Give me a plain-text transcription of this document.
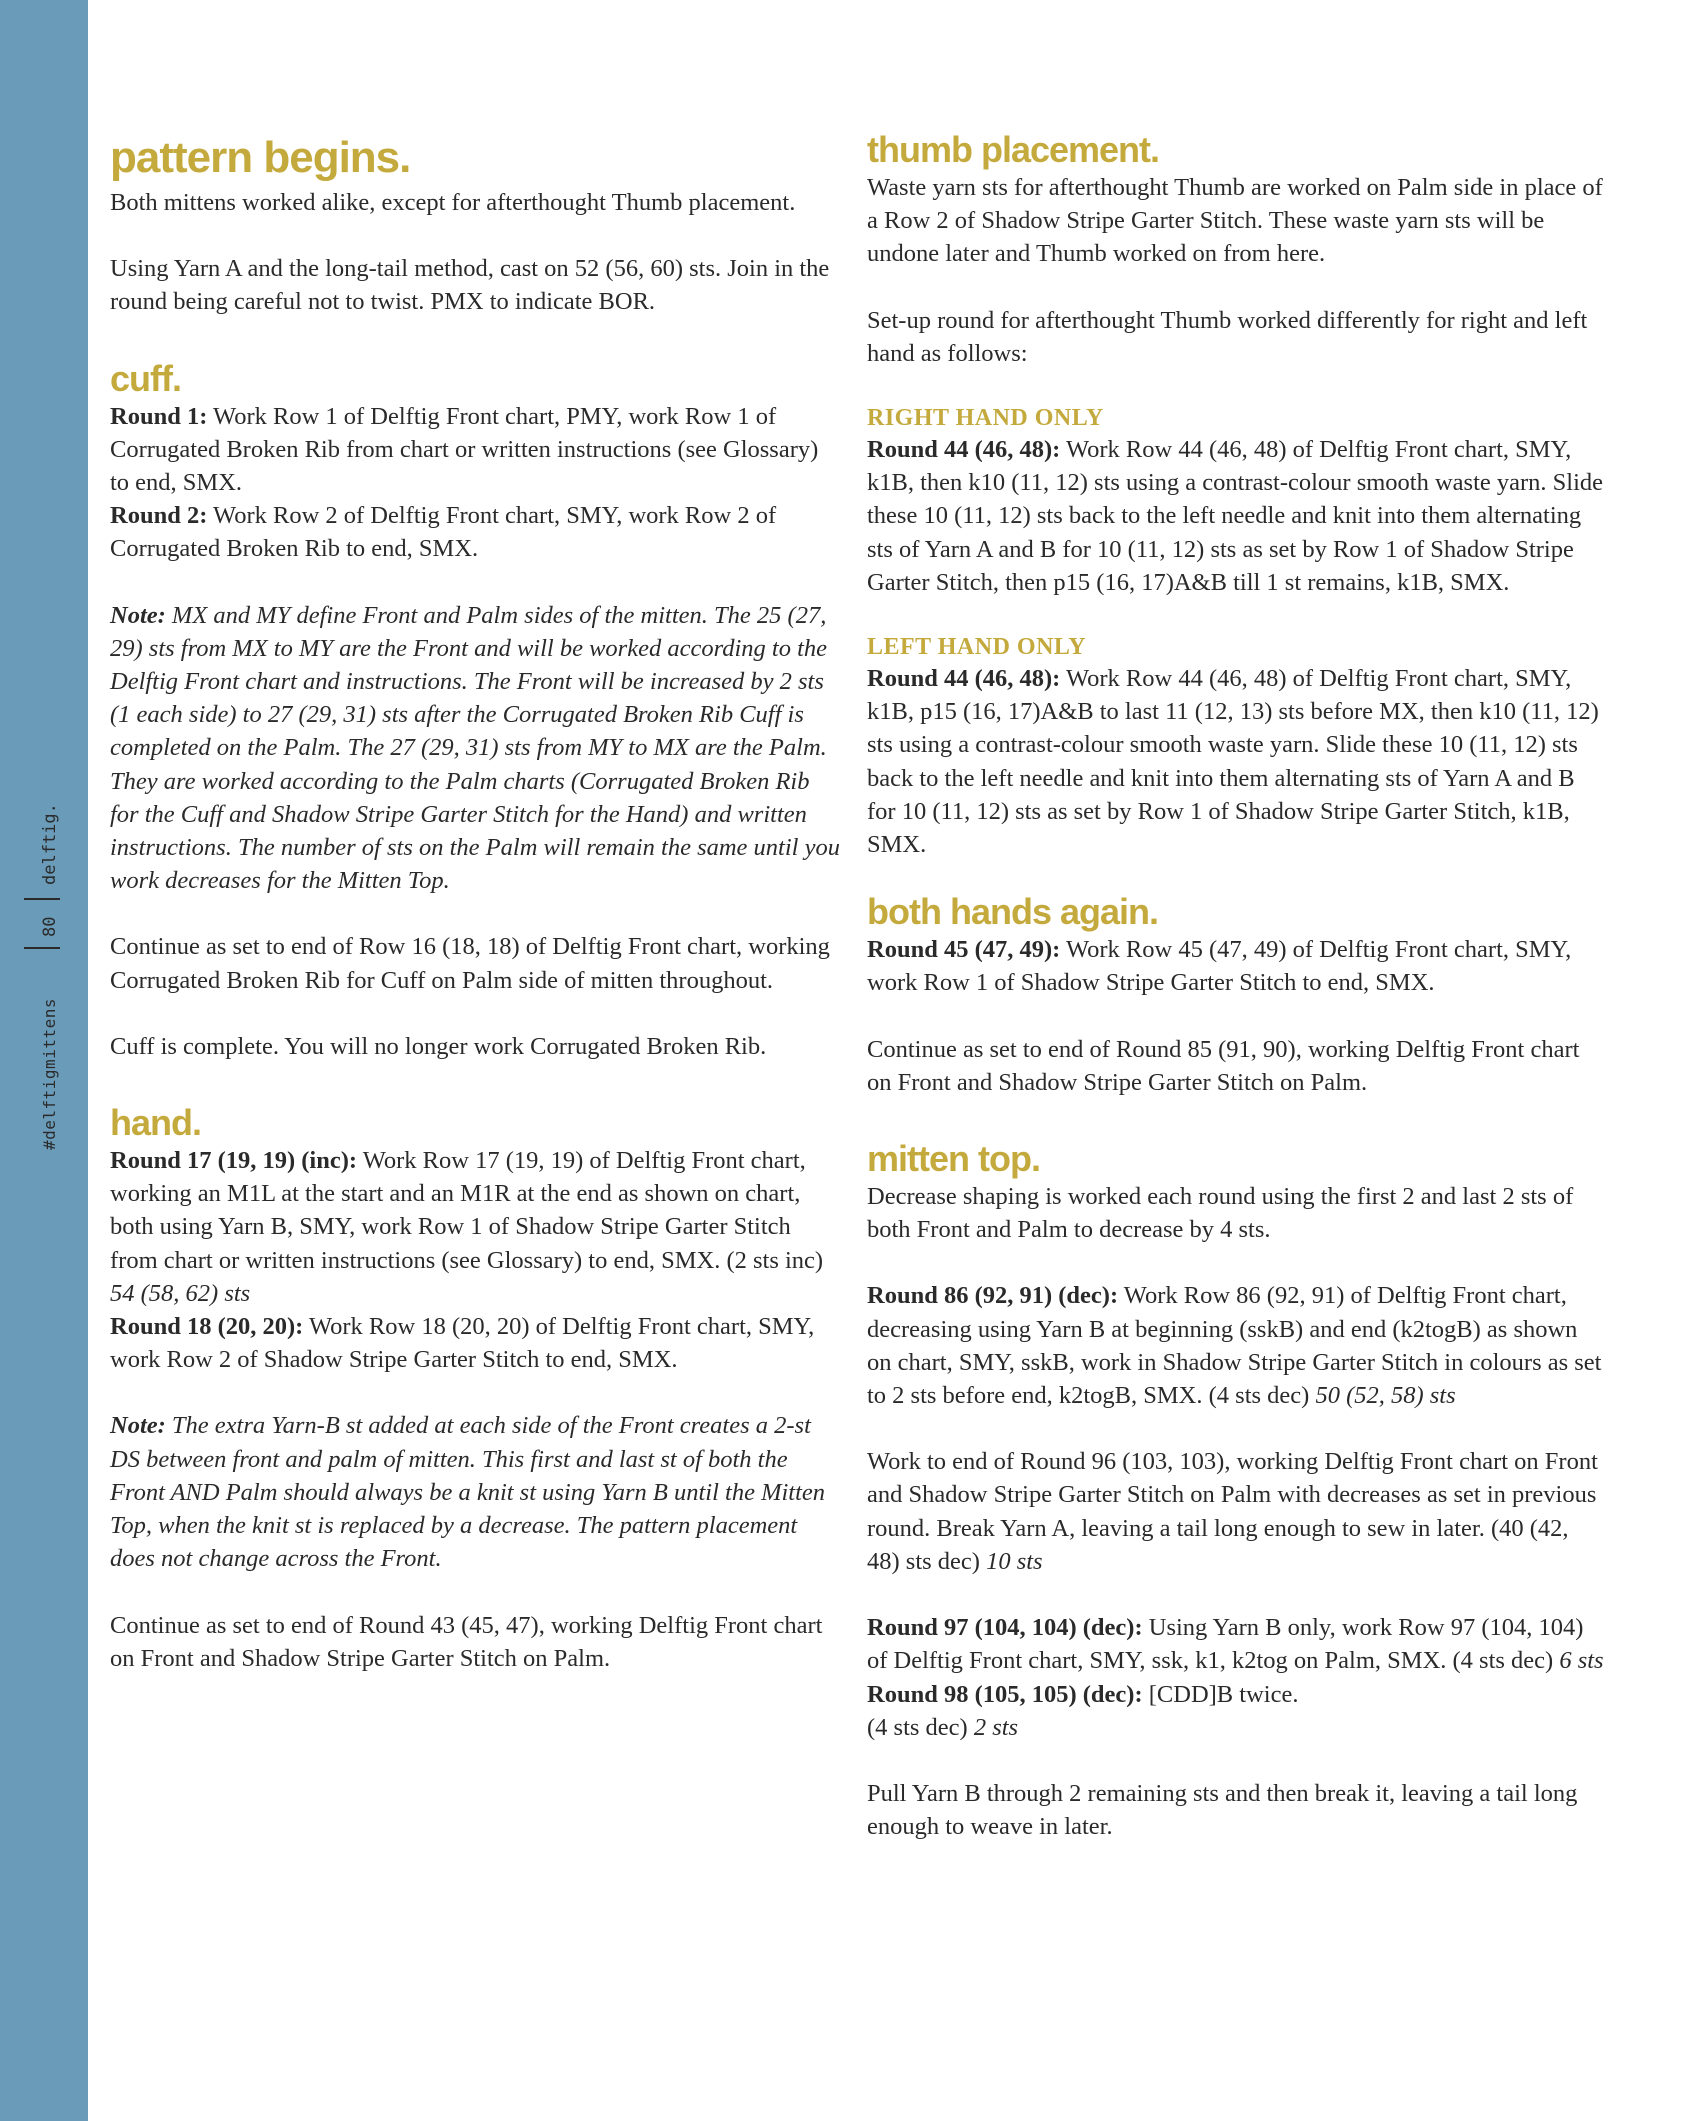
#delftigmittens
80
delftig.
pattern begins.

Both mittens worked alike, except for afterthought Thumb placement.

Using Yarn A and the long-tail method, cast on 52 (56, 60) sts. Join in the round being careful not to twist. PMX to indicate BOR.

cuff.

Round 1: Work Row 1 of Delftig Front chart, PMY, work Row 1 of Corrugated Broken Rib from chart or written instructions (see Glossary) to end, SMX.

Round 2: Work Row 2 of Delftig Front chart, SMY, work Row 2 of Corrugated Broken Rib to end, SMX.

Note: MX and MY define Front and Palm sides of the mitten. The 25 (27, 29) sts from MX to MY are the Front and will be worked according to the Delftig Front chart and instructions. The Front will be increased by 2 sts (1 each side) to 27 (29, 31) sts after the Corrugated Broken Rib Cuff is completed on the Palm. The 27 (29, 31) sts from MY to MX are the Palm. They are worked according to the Palm charts (Corrugated Broken Rib for the Cuff and Shadow Stripe Garter Stitch for the Hand) and written instructions. The number of sts on the Palm will remain the same until you work decreases for the Mitten Top.

Continue as set to end of Row 16 (18, 18) of Delftig Front chart, working Corrugated Broken Rib for Cuff on Palm side of mitten throughout.

Cuff is complete. You will no longer work Corrugated Broken Rib.

hand.

Round 17 (19, 19) (inc): Work Row 17 (19, 19) of Delftig Front chart, working an M1L at the start and an M1R at the end as shown on chart, both using Yarn B, SMY, work Row 1 of Shadow Stripe Garter Stitch from chart or written instructions (see Glossary) to end, SMX. (2 sts inc) 54 (58, 62) sts

Round 18 (20, 20): Work Row 18 (20, 20) of Delftig Front chart, SMY, work Row 2 of Shadow Stripe Garter Stitch to end, SMX.

Note: The extra Yarn-B st added at each side of the Front creates a 2-st DS between front and palm of mitten. This first and last st of both the Front AND Palm should always be a knit st using Yarn B until the Mitten Top, when the knit st is replaced by a decrease. The pattern placement does not change across the Front.

Continue as set to end of Round 43 (45, 47), working Delftig Front chart on Front and Shadow Stripe Garter Stitch on Palm.

thumb placement.

Waste yarn sts for afterthought Thumb are worked on Palm side in place of a Row 2 of Shadow Stripe Garter Stitch. These waste yarn sts will be undone later and Thumb worked on from here.

Set-up round for afterthought Thumb worked differently for right and left hand as follows:

RIGHT HAND ONLY

Round 44 (46, 48): Work Row 44 (46, 48) of Delftig Front chart, SMY, k1B, then k10 (11, 12) sts using a contrast-colour smooth waste yarn. Slide these 10 (11, 12) sts back to the left needle and knit into them alternating sts of Yarn A and B for 10 (11, 12) sts as set by Row 1 of Shadow Stripe Garter Stitch, then p15 (16, 17)A&B till 1 st remains, k1B, SMX.

LEFT HAND ONLY

Round 44 (46, 48): Work Row 44 (46, 48) of Delftig Front chart, SMY, k1B, p15 (16, 17)A&B to last 11 (12, 13) sts before MX, then k10 (11, 12) sts using a contrast-colour smooth waste yarn. Slide these 10 (11, 12) sts back to the left needle and knit into them alternating sts of Yarn A and B for 10 (11, 12) sts as set by Row 1 of Shadow Stripe Garter Stitch, k1B, SMX.

both hands again.

Round 45 (47, 49): Work Row 45 (47, 49) of Delftig Front chart, SMY, work Row 1 of Shadow Stripe Garter Stitch to end, SMX.

Continue as set to end of Round 85 (91, 90), working Delftig Front chart on Front and Shadow Stripe Garter Stitch on Palm.

mitten top.

Decrease shaping is worked each round using the first 2 and last 2 sts of both Front and Palm to decrease by 4 sts.

Round 86 (92, 91) (dec): Work Row 86 (92, 91) of Delftig Front chart, decreasing using Yarn B at beginning (sskB) and end (k2togB) as shown on chart, SMY, sskB, work in Shadow Stripe Garter Stitch in colours as set to 2 sts before end, k2togB, SMX. (4 sts dec) 50 (52, 58) sts

Work to end of Round 96 (103, 103), working Delftig Front chart on Front and Shadow Stripe Garter Stitch on Palm with decreases as set in previous round. Break Yarn A, leaving a tail long enough to sew in later. (40 (42, 48) sts dec) 10 sts

Round 97 (104, 104) (dec): Using Yarn B only, work Row 97 (104, 104) of Delftig Front chart, SMY, ssk, k1, k2tog on Palm, SMX. (4 sts dec) 6 sts

Round 98 (105, 105) (dec): [CDD]B twice.
(4 sts dec) 2 sts

Pull Yarn B through 2 remaining sts and then break it, leaving a tail long enough to weave in later.
